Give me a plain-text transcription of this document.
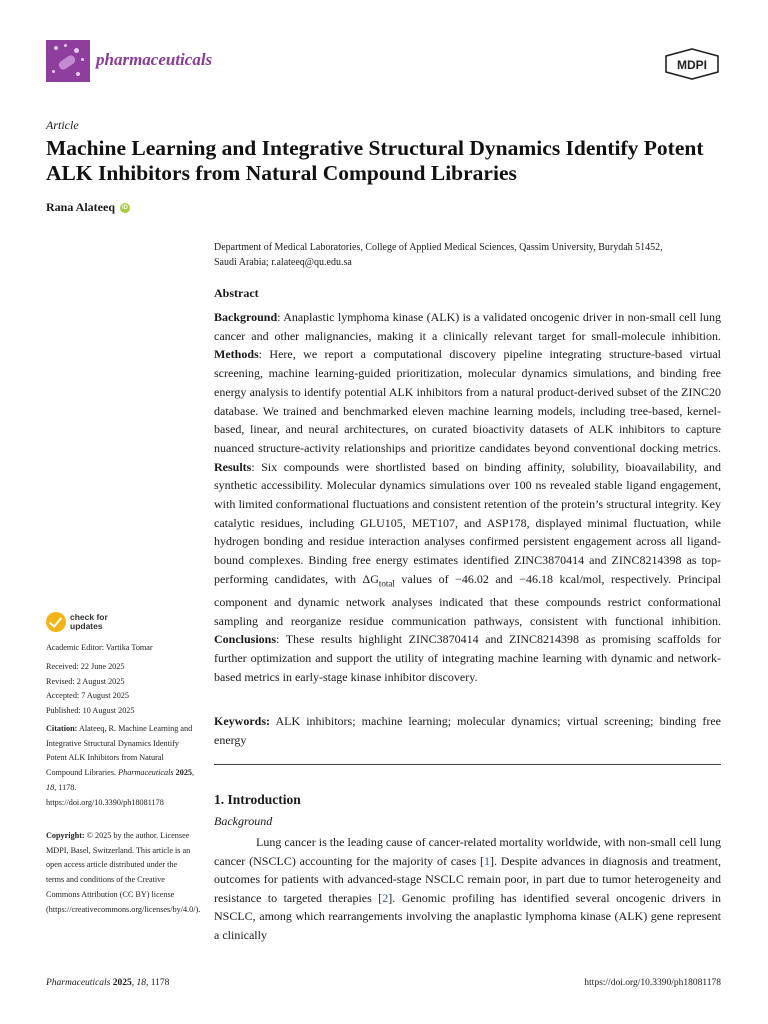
pharmaceuticals	MDPI
Article
Machine Learning and Integrative Structural Dynamics Identify Potent ALK Inhibitors from Natural Compound Libraries
Rana Alateeq	iD
Department of Medical Laboratories, College of Applied Medical Sciences, Qassim University, Burydah 51452,
Saudi Arabia; r.alateeq@qu.edu.sa
Abstract
Background: Anaplastic lymphoma kinase (ALK) is a validated oncogenic driver in non-small cell lung cancer and other malignancies, making it a clinically relevant target for small-molecule inhibition. Methods: Here, we report a computational discovery pipeline integrating structure-based virtual screening, machine learning-guided prioritization, molecular dynamics simulations, and binding free energy analysis to identify potential ALK inhibitors from a natural product-derived subset of the ZINC20 database. We trained and benchmarked eleven machine learning models, including tree-based, kernel-based, linear, and neural architectures, on curated bioactivity datasets of ALK inhibitors to capture nuanced structure-activity relationships and prioritize candidates beyond conventional docking metrics. Results: Six compounds were shortlisted based on binding affinity, solubility, bioavailability, and synthetic accessibility. Molecular dynamics simulations over 100 ns revealed stable ligand engagement, with limited conformational fluctuations and consistent retention of the protein’s structural integrity. Key catalytic residues, including GLU105, MET107, and ASP178, displayed minimal fluctuation, while hydrogen bonding and residue interaction analyses confirmed persistent engagement across all ligand-bound complexes. Binding free energy estimates identified ZINC3870414 and ZINC8214398 as top-performing candidates, with $\Delta G_{total}$ values of −46.02 and −46.18 kcal/mol, respectively. Principal component and dynamic network analyses indicated that these compounds restrict conformational sampling and reorganize residue communication pathways, consistent with functional inhibition. Conclusions: These results highlight ZINC3870414 and ZINC8214398 as promising scaffolds for further optimization and support the utility of integrating machine learning with dynamic and network-based metrics in early-stage kinase inhibitor discovery.
Keywords: ALK inhibitors; machine learning; molecular dynamics; virtual screening; binding free energy
1. Introduction
Background
Lung cancer is the leading cause of cancer-related mortality worldwide, with non-small cell lung cancer (NSCLC) accounting for the majority of cases [1]. Despite advances in diagnosis and treatment, outcomes for patients with advanced-stage NSCLC remain poor, in part due to tumor heterogeneity and resistance to targeted therapies [2]. Genomic profiling has identified several oncogenic drivers in NSCLC, among which rearrangements involving the anaplastic lymphoma kinase (ALK) gene represent a clinically
check for
updates
Academic Editor: Vartika Tomar
Received: 22 June 2025
Revised: 2 August 2025
Accepted: 7 August 2025
Published: 10 August 2025
Citation: Alateeq, R. Machine Learning and Integrative Structural Dynamics Identify Potent ALK Inhibitors from Natural Compound Libraries. Pharmaceuticals 2025, 18, 1178. https://doi.org/10.3390/ph18081178
Copyright: © 2025 by the author. Licensee MDPI, Basel, Switzerland. This article is an open access article distributed under the terms and conditions of the Creative Commons Attribution (CC BY) license (https://creativecommons.org/licenses/by/4.0/).
Pharmaceuticals 2025, 18, 1178	https://doi.org/10.3390/ph18081178
